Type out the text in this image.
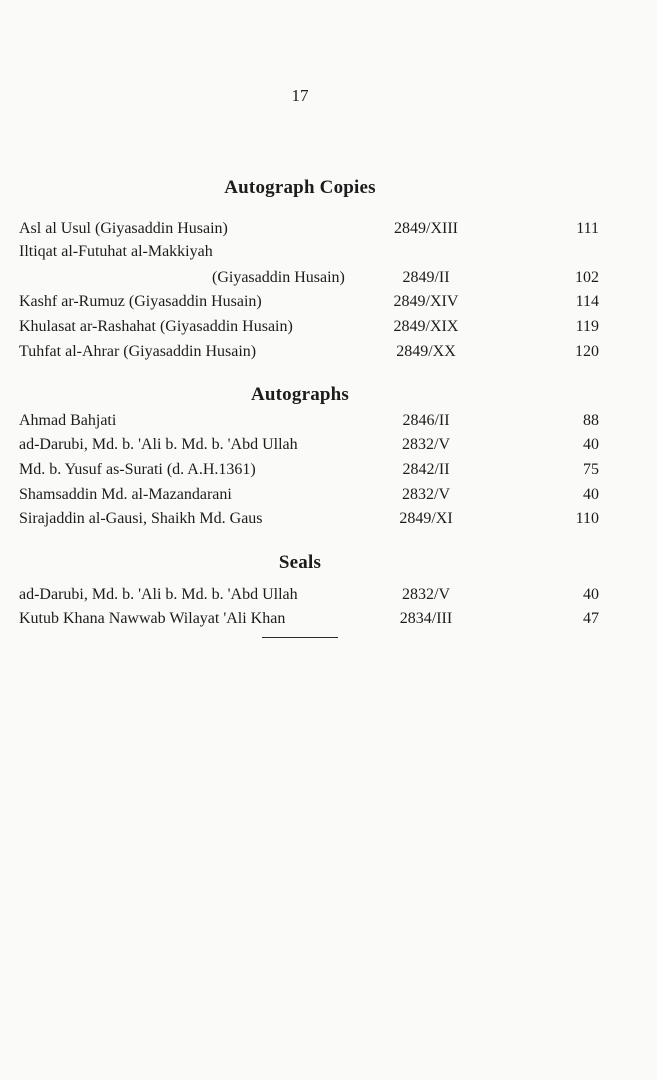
17
Autograph Copies
Asl al Usul (Giyasaddin Husain)	2849/XIII	111
Iltiqat al-Futuhat al-Makkiyah
(Giyasaddin Husain)	2849/II	102
Kashf ar-Rumuz (Giyasaddin Husain)	2849/XIV	114
Khulasat ar-Rashahat (Giyasaddin Husain)	2849/XIX	119
Tuhfat al-Ahrar (Giyasaddin Husain)	2849/XX	120
Autographs
Ahmad Bahjati	2846/II	88
ad-Darubi, Md. b. 'Ali b. Md. b. 'Abd Ullah	2832/V	40
Md. b. Yusuf as-Surati (d. A.H.1361)	2842/II	75
Shamsaddin Md. al-Mazandarani	2832/V	40
Sirajaddin al-Gausi, Shaikh Md. Gaus	2849/XI	110
Seals
ad-Darubi, Md. b. 'Ali b. Md. b. 'Abd Ullah	2832/V	40
Kutub Khana Nawwab Wilayat 'Ali Khan	2834/III	47
